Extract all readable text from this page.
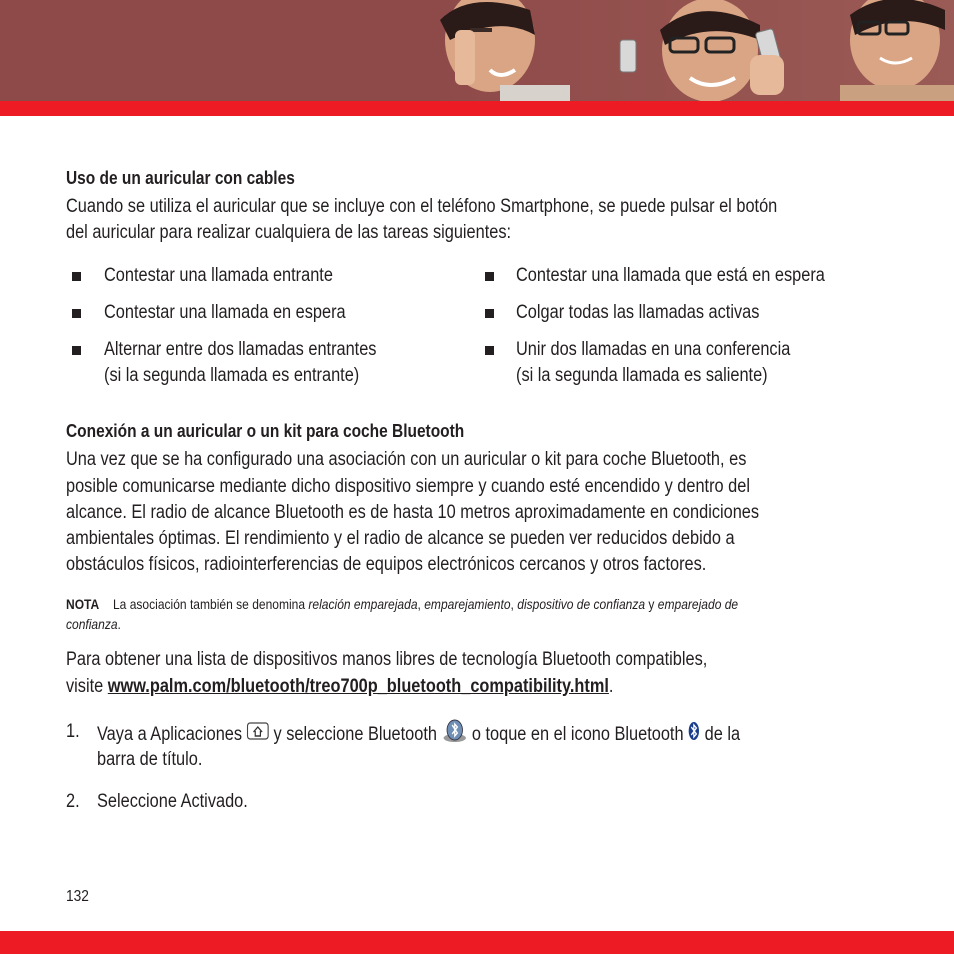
Uso de un auricular con cables
Cuando se utiliza el auricular que se incluye con el teléfono Smartphone, se puede pulsar el botón
del auricular para realizar cualquiera de las tareas siguientes:
Contestar una llamada entrante
Contestar una llamada en espera
Alternar entre dos llamadas entrantes
(si la segunda llamada es entrante)
Contestar una llamada que está en espera
Colgar todas las llamadas activas
Unir dos llamadas en una conferencia
(si la segunda llamada es saliente)
Conexión a un auricular o un kit para coche Bluetooth
Una vez que se ha configurado una asociación con un auricular o kit para coche Bluetooth, es
posible comunicarse mediante dicho dispositivo siempre y cuando esté encendido y dentro del
alcance. El radio de alcance Bluetooth es de hasta 10 metros aproximadamente en condiciones
ambientales óptimas. El rendimiento y el radio de alcance se pueden ver reducidos debido a
obstáculos físicos, radiointerferencias de equipos electrónicos cercanos y otros factores.
NOTA La asociación también se denomina relación emparejada, emparejamiento, dispositivo de confianza y emparejado de
confianza.
Para obtener una lista de dispositivos manos libres de tecnología Bluetooth compatibles,
visite www.palm.com/bluetooth/treo700p_bluetooth_compatibility.html.
1. Vaya a Aplicaciones  y seleccione Bluetooth  o toque en el icono Bluetooth  de la
barra de título.
2. Seleccione Activado.
132
